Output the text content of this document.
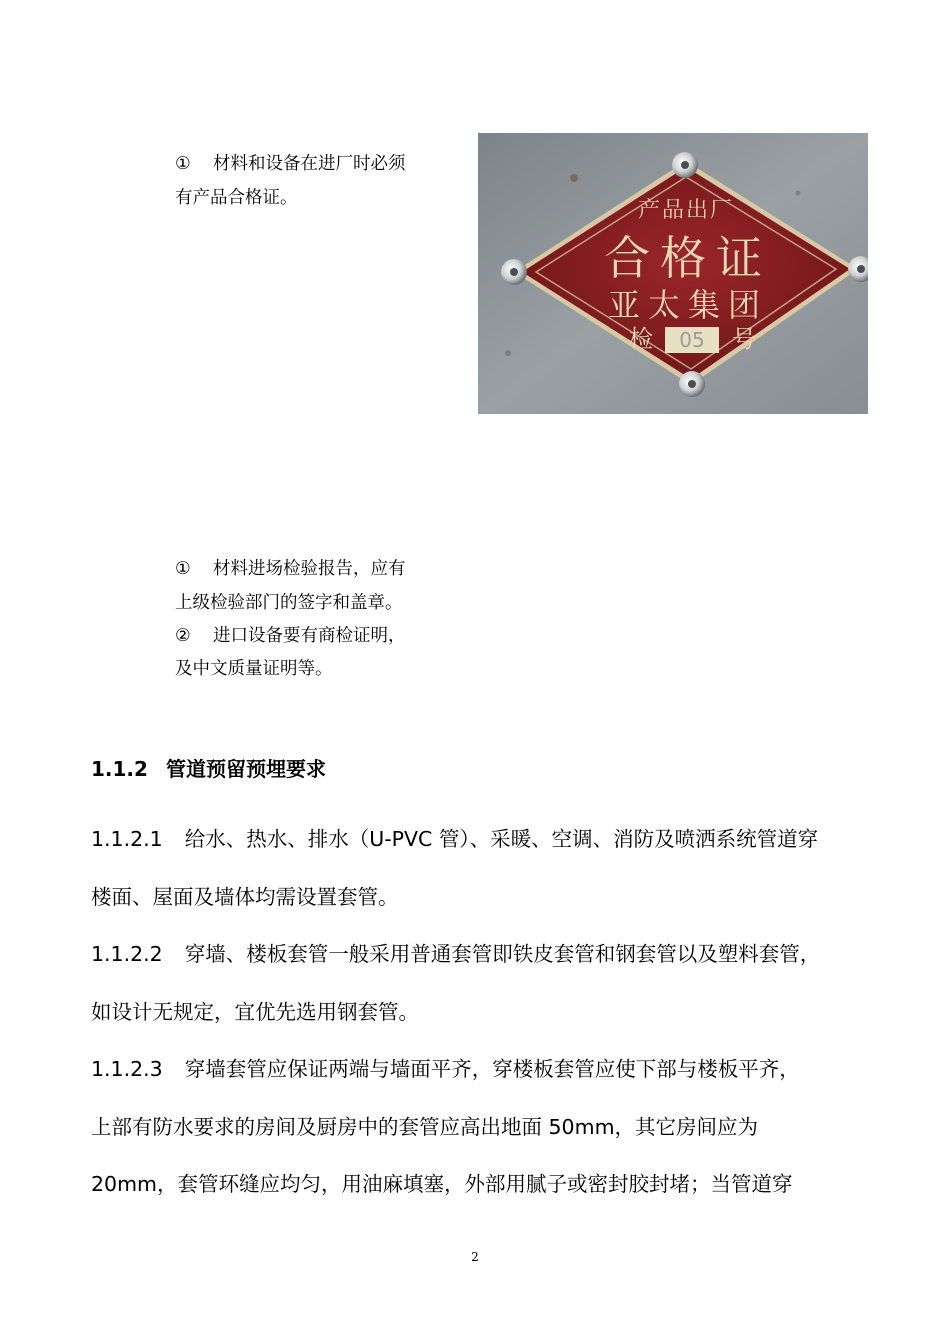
① 材料和设备在进厂时必须
有产品合格证。	产品出厂
合格证
亚太集团
检 05 号
① 材料进场检验报告，应有
上级检验部门的签字和盖章。
② 进口设备要有商检证明，
及中文质量证明等。
1.1.2 管道预留预埋要求
1.1.2.1 给水、热水、排水（U-PVC 管）、采暖、空调、消防及喷洒系统管道穿
楼面、屋面及墙体均需设置套管。
1.1.2.2 穿墙、楼板套管一般采用普通套管即铁皮套管和钢套管以及塑料套管，
如设计无规定，宜优先选用钢套管。
1.1.2.3 穿墙套管应保证两端与墙面平齐，穿楼板套管应使下部与楼板平齐，
上部有防水要求的房间及厨房中的套管应高出地面 50mm，其它房间应为
20mm，套管环缝应均匀，用油麻填塞，外部用腻子或密封胶封堵；当管道穿
2
